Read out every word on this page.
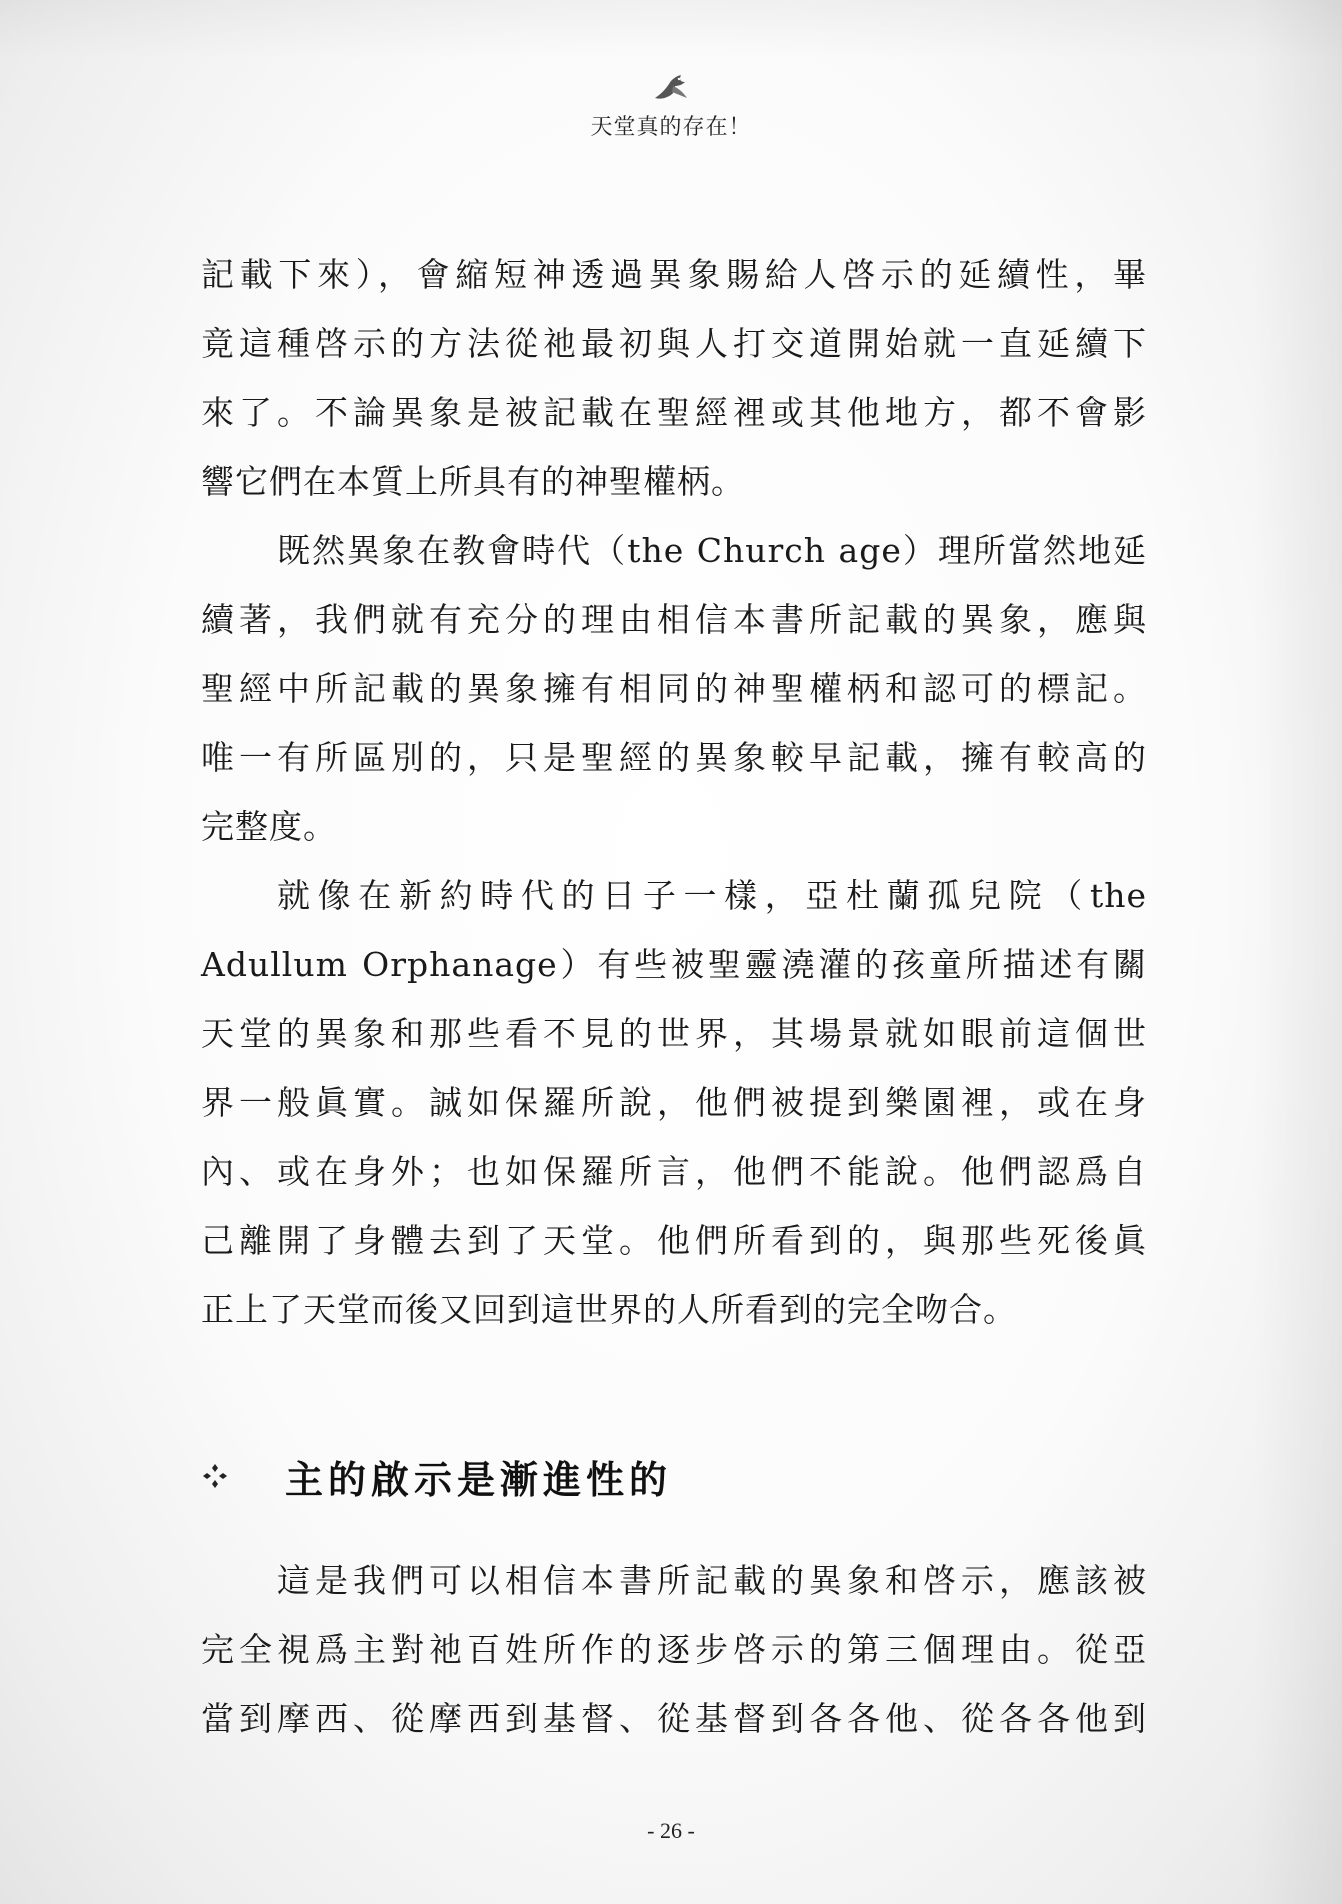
天堂真的存在！
記載下來），會縮短神透過異象賜給人啓示的延續性，畢
竟這種啓示的方法從祂最初與人打交道開始就一直延續下
來了。不論異象是被記載在聖經裡或其他地方，都不會影
響它們在本質上所具有的神聖權柄。
既然異象在教會時代（the Church age）理所當然地延
續著，我們就有充分的理由相信本書所記載的異象，應與
聖經中所記載的異象擁有相同的神聖權柄和認可的標記。
唯一有所區別的，只是聖經的異象較早記載，擁有較高的
完整度。
就像在新約時代的日子一樣，亞杜蘭孤兒院（the
Adullum Orphanage）有些被聖靈澆灌的孩童所描述有關
天堂的異象和那些看不見的世界，其場景就如眼前這個世
界一般眞實。誠如保羅所說，他們被提到樂園裡，或在身
內、或在身外；也如保羅所言，他們不能說。他們認爲自
己離開了身體去到了天堂。他們所看到的，與那些死後眞
正上了天堂而後又回到這世界的人所看到的完全吻合。
主的啟示是漸進性的
這是我們可以相信本書所記載的異象和啓示，應該被
完全視爲主對祂百姓所作的逐步啓示的第三個理由。從亞
當到摩西、從摩西到基督、從基督到各各他、從各各他到
- 26 -
